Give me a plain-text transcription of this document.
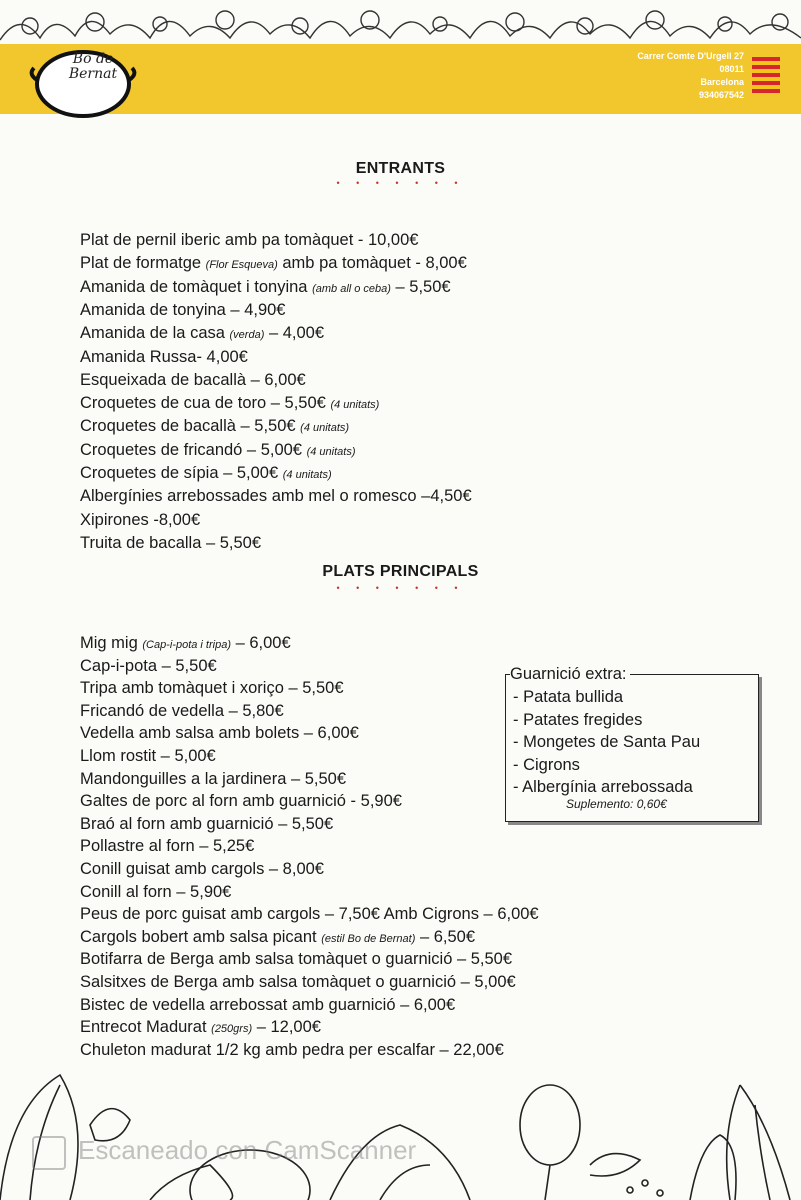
Bo de Bernat
Carrer Comte D'Urgell 27
08011
Barcelona
934067542
ENTRANTS
• • • • • • •
Plat de pernil iberic amb pa tomàquet - 10,00€
Plat de formatge (Flor Esqueva) amb pa tomàquet - 8,00€
Amanida de tomàquet i tonyina (amb all o ceba) – 5,50€
Amanida de tonyina – 4,90€
Amanida de la casa (verda) – 4,00€
Amanida Russa- 4,00€
Esqueixada de bacallà – 6,00€
Croquetes de cua de toro – 5,50€ (4 unitats)
Croquetes de bacallà – 5,50€ (4 unitats)
Croquetes de fricandó – 5,00€ (4 unitats)
Croquetes de sípia – 5,00€ (4 unitats)
Albergínies arrebossades amb mel o romesco –4,50€
Xipirones -8,00€
Truita de bacalla – 5,50€
PLATS PRINCIPALS
• • • • • • •
Mig mig (Cap-i-pota i tripa) – 6,00€
Cap-i-pota – 5,50€
Tripa amb tomàquet i xoriço – 5,50€
Fricandó de vedella – 5,80€
Vedella amb salsa amb bolets – 6,00€
Llom rostit – 5,00€
Mandonguilles a la jardinera – 5,50€
Galtes de porc al forn amb guarnició - 5,90€
Braó al forn amb guarnició – 5,50€
Pollastre al forn – 5,25€
Conill guisat amb cargols – 8,00€
Conill al forn – 5,90€
Peus de porc guisat amb cargols – 7,50€ Amb Cigrons – 6,00€
Cargols bobert amb salsa picant (estil Bo de Bernat) – 6,50€
Botifarra de Berga amb salsa tomàquet o guarnició – 5,50€
Salsitxes de Berga amb salsa tomàquet o guarnició – 5,00€
Bistec de vedella arrebossat amb guarnició – 6,00€
Entrecot Madurat (250grs) – 12,00€
Chuleton madurat 1/2 kg amb pedra per escalfar – 22,00€
Guarnició extra:
- Patata bullida
- Patates fregides
- Mongetes de Santa Pau
- Cigrons
- Albergínia arrebossada
Suplemento: 0,60€
Escaneado con CamScanner
